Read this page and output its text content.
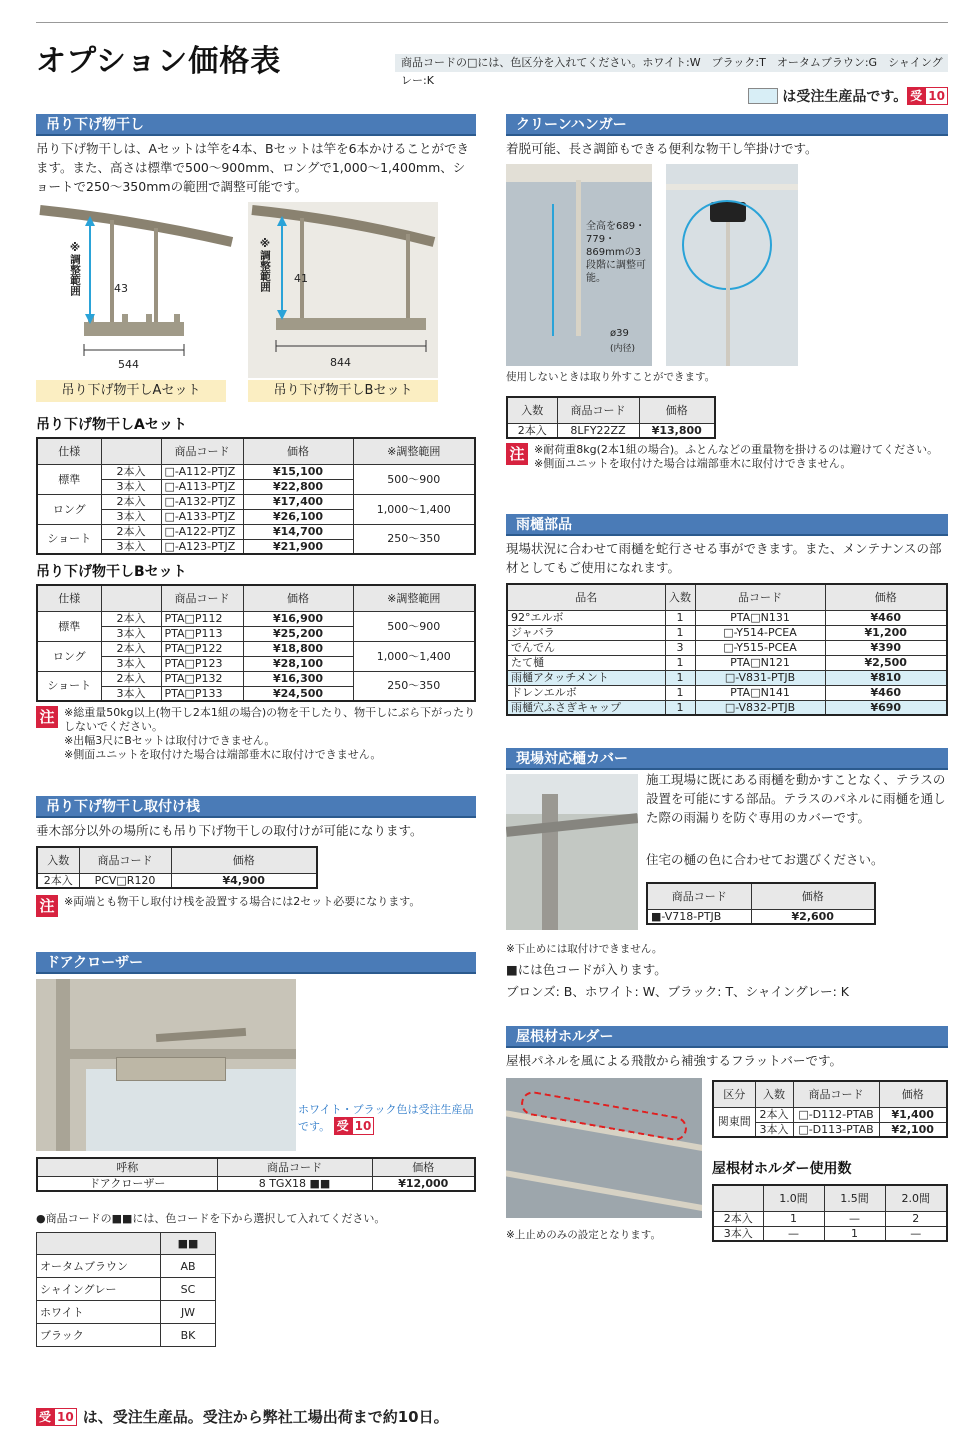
オプション価格表	商品コードの□には、色区分を入れてください。ホワイト:W　ブラック:T　オータムブラウン:G　シャイングレー:K
は受注生産品です。 受 10
吊り下げ物干し
吊り下げ物干しは、Aセットは竿を4本、Bセットは竿を6本かけることができます。また、高さは標準で500～900mm、ロングで1,000～1,400mm、ショートで250～350mmの範囲で調整可能です。
※調整範囲	43
544
吊り下げ物干しAセット
※調整範囲 41
844
吊り下げ物干しBセット
吊り下げ物干しAセット
仕様		商品コード	価格	※調整範囲
標準	2本入	□-A112-PTJZ	¥15,100	500～900
	3本入	□-A113-PTJZ	¥22,800	
ロング	2本入	□-A132-PTJZ	¥17,400	1,000～1,400
	3本入	□-A133-PTJZ	¥26,100	
ショート	2本入	□-A122-PTJZ	¥14,700	250～350
	3本入	□-A123-PTJZ	¥21,900	
吊り下げ物干しBセット
仕様		商品コード	価格	※調整範囲
標準	2本入	PTA□P112	¥16,900	500～900
	3本入	PTA□P113	¥25,200	
ロング	2本入	PTA□P122	¥18,800	1,000～1,400
	3本入	PTA□P123	¥28,100	
ショート	2本入	PTA□P132	¥16,300	250～350
	3本入	PTA□P133	¥24,500	
注 ※総重量50kg以上(物干し2本1組の場合)の物を干したり、物干しにぶら下がったりしないでください。
※出幅3尺にBセットは取付けできません。
※側面ユニットを取付けた場合は端部垂木に取付けできません。
吊り下げ物干し取付け桟
垂木部分以外の場所にも吊り下げ物干しの取付けが可能になります。
入数	商品コード	価格
2本入	PCV□R120	¥4,900
注 ※両端とも物干し取付け桟を設置する場合には2セット必要になります。
ドアクローザー
ホワイト・ブラック色は受注生産品です。 受 10
呼称	商品コード	価格
ドアクローザー	8 TGX18 ■■	¥12,000
●商品コードの■■には、色コードを下から選択して入れてください。
	■■
オータムブラウン	AB
シャイングレー	SC
ホワイト	JW
ブラック	BK
クリーンハンガー
着脱可能、長さ調節もできる便利な物干し竿掛けです。
全高を689・779・869mmの3段階に調整可能。
ø39
(内径)
使用しないときは取り外すことができます。
入数	商品コード	価格
2本入	8LFY22ZZ	¥13,800
注 ※耐荷重8kg(2本1組の場合)。ふとんなどの重量物を掛けるのは避けてください。
※側面ユニットを取付けた場合は端部垂木に取付けできません。
雨樋部品
現場状況に合わせて雨樋を蛇行させる事ができます。また、メンテナンスの部材としてもご使用になれます。
品名	入数	品コード	価格
92°エルボ	1	PTA□N131	¥460
ジャバラ	1	□-Y514-PCEA	¥1,200
でんでん	3	□-Y515-PCEA	¥390
たて樋	1	PTA□N121	¥2,500
雨樋アタッチメント	1	□-V831-PTJB	¥810
ドレンエルボ	1	PTA□N141	¥460
雨樋穴ふさぎキャップ	1	□-V832-PTJB	¥690
現場対応樋カバー
施工現場に既にある雨樋を動かすことなく、テラスの設置を可能にする部品。テラスのパネルに雨樋を通した際の雨漏りを防ぐ専用のカバーです。
住宅の樋の色に合わせてお選びください。
商品コード	価格
■-V718-PTJB	¥2,600
※下止めには取付けできません。
■には色コードが入ります。
ブロンズ: B、ホワイト: W、ブラック: T、シャイングレー: K
屋根材ホルダー
屋根パネルを風による飛散から補強するフラットバーです。
※上止めのみの設定となります。
区分	入数	商品コード	価格
関東間	2本入	□-D112-PTAB	¥1,400
	3本入	□-D113-PTAB	¥2,100
屋根材ホルダー使用数
	1.0間	1.5間	2.0間
2本入	1	—	2
3本入	—	1	—
受 10 は、受注生産品。受注から弊社工場出荷まで約10日。
